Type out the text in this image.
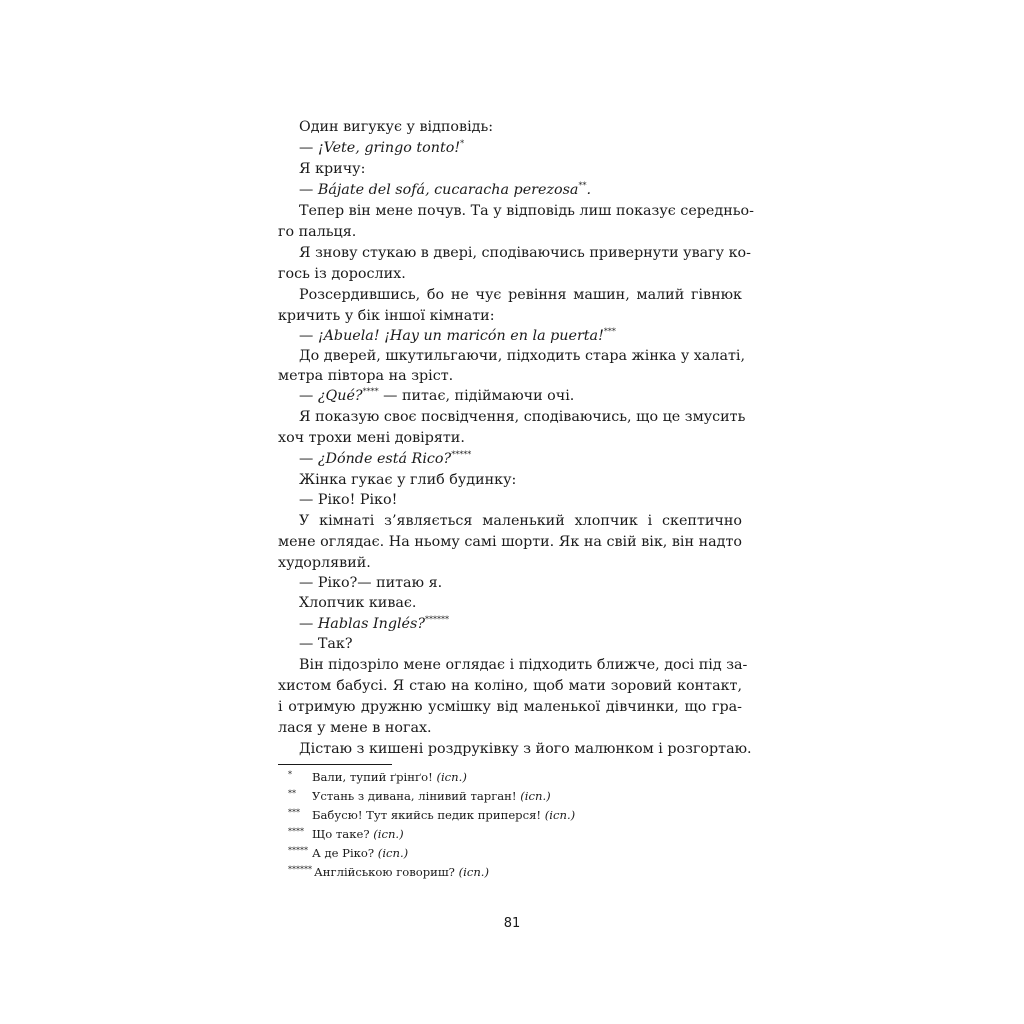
Один вигукує у відповідь:

— ¡Vete, gringo tonto!*

Я кричу:

— Bájate del sofá, cucaracha perezosa**.

Тепер він мене почув. Та у відповідь лиш показує середньо-

го пальця.

Я знову стукаю в двері, сподіваючись привернути увагу ко-

гось із дорослих.

Розсердившись, бо не чує ревіння машин, малий гівнюк

кричить у бік іншої кімнати:

— ¡Abuela! ¡Hay un maricón en la puerta!***

До дверей, шкутильгаючи, підходить стара жінка у халаті,

метра півтора на зріст.

— ¿Qué?**** — питає, підіймаючи очі.

Я показую своє посвідчення, сподіваючись, що це змусить

хоч трохи мені довіряти.

— ¿Dónde está Rico?*****

Жінка гукає у глиб будинку:

— Ріко! Ріко!

У кімнаті з’являється маленький хлопчик і скептично

мене оглядає. На ньому самі шорти. Як на свій вік, він надто

худорлявий.

— Ріко?— питаю я.

Хлопчик киває.

— Hablas Inglés?******

— Так?

Він підозріло мене оглядає і підходить ближче, досі під за-

хистом бабусі. Я стаю на коліно, щоб мати зоровий контакт,

і отримую дружню усмішку від маленької дівчинки, що гра-

лася у мене в ногах.

Дістаю з кишені роздруківку з його малюнком і розгортаю.

* Вали, тупий ґрінґо! (ісп.)

** Устань з дивана, лінивий тарган! (ісп.)

*** Бабусю! Тут якийсь педик приперся! (ісп.)

**** Що таке? (ісп.)

***** А де Ріко? (ісп.)

****** Англійською говориш? (ісп.)

81
